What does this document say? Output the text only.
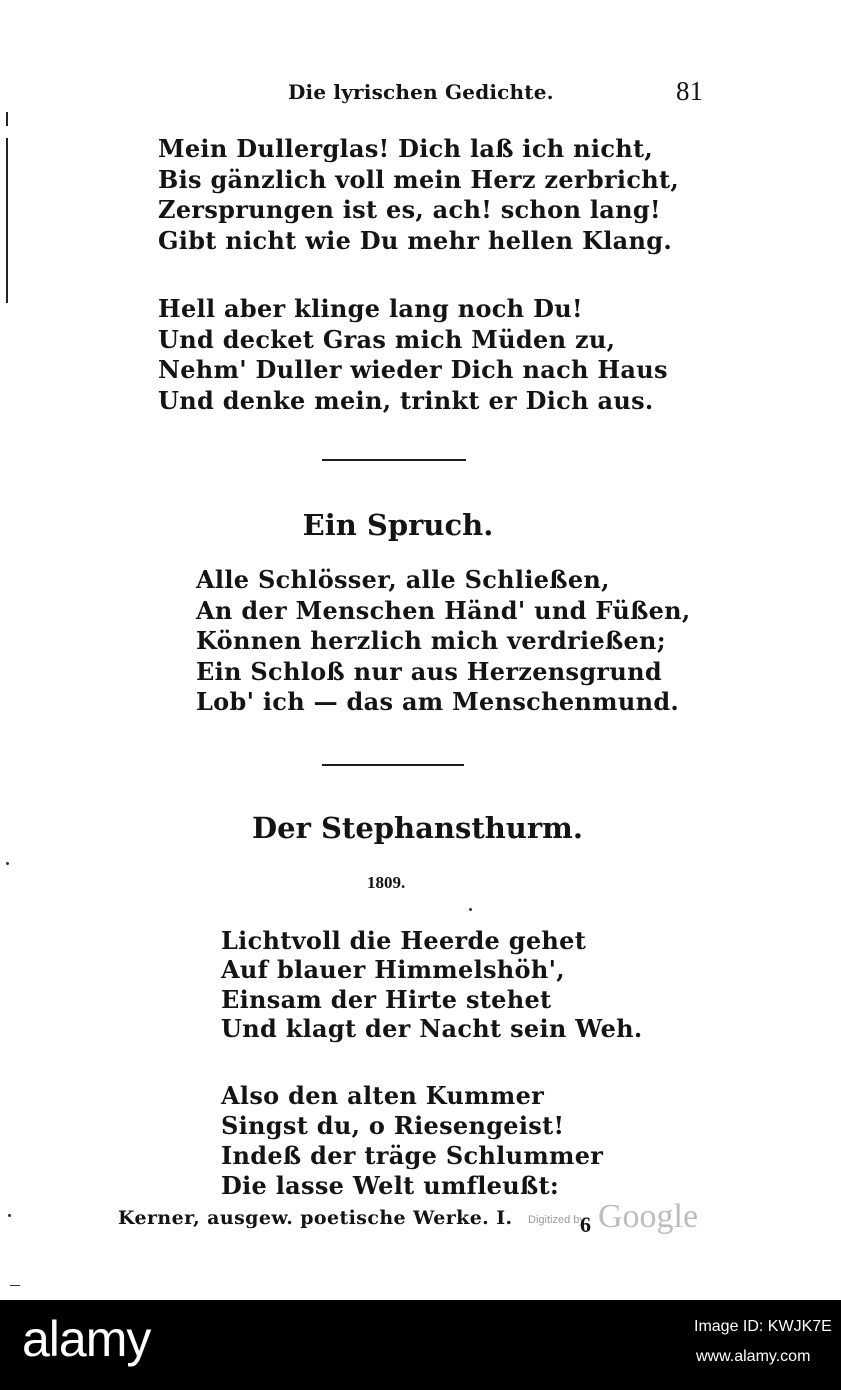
Die lyrischen Gedichte.	81
Mein Dullerglas! Dich laß ich nicht,
Bis gänzlich voll mein Herz zerbricht,
Zersprungen ist es, ach! schon lang!
Gibt nicht wie Du mehr hellen Klang.
Hell aber klinge lang noch Du!
Und decket Gras mich Müden zu,
Nehm' Duller wieder Dich nach Haus
Und denke mein, trinkt er Dich aus.
Ein Spruch.
Alle Schlösser, alle Schließen,
An der Menschen Händ' und Füßen,
Können herzlich mich verdrießen;
Ein Schloß nur aus Herzensgrund
Lob' ich — das am Menschenmund.
Der Stephansthurm.
1809.
Lichtvoll die Heerde gehet
Auf blauer Himmelshöh',
Einsam der Hirte stehet
Und klagt der Nacht sein Weh.
Also den alten Kummer
Singst du, o Riesengeist!
Indeß der träge Schlummer
Die lasse Welt umfleußt:
Kerner, ausgew. poetische Werke. I. Digitized by
6 Google
alamy	Image ID: KWJK7E
www.alamy.com
